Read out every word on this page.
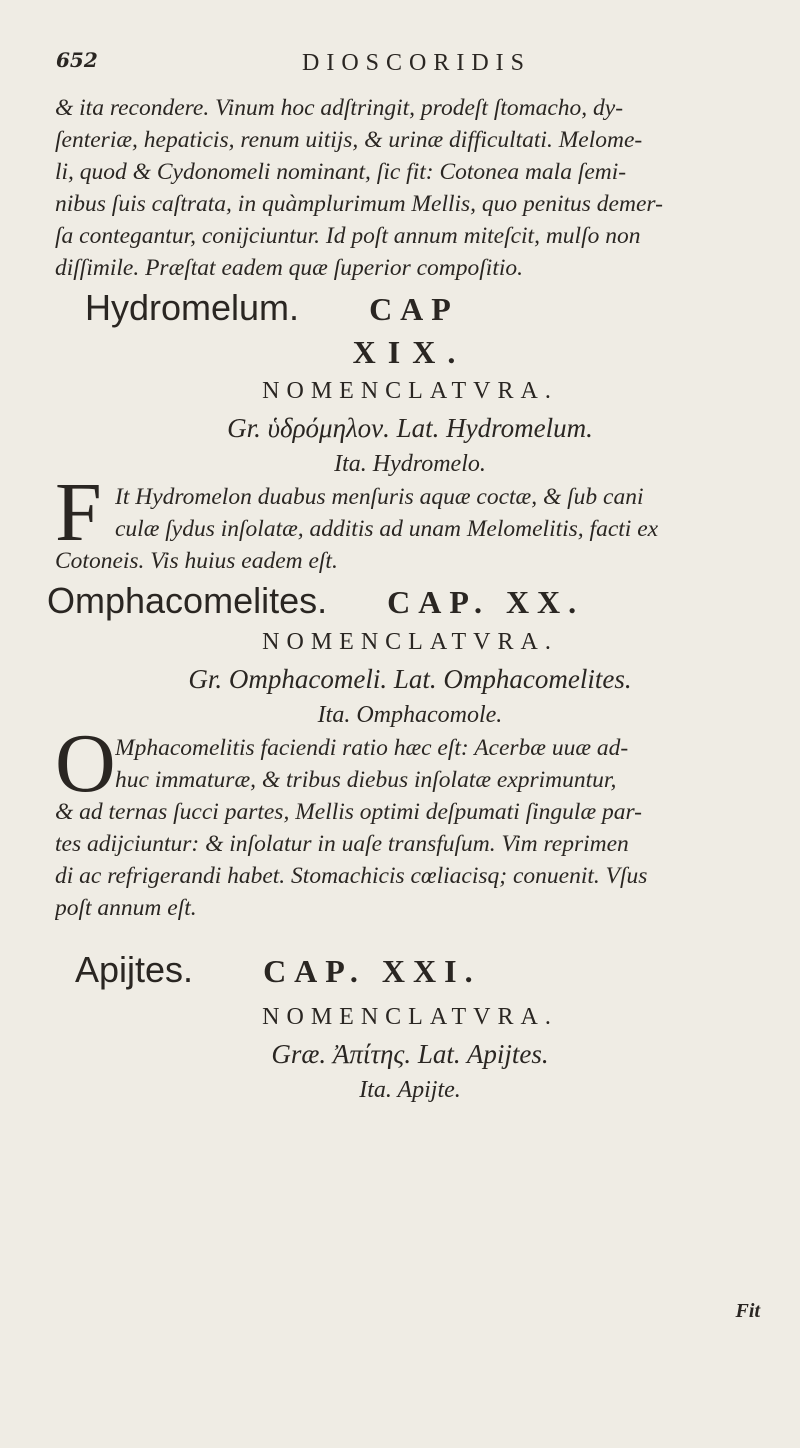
652	DIOSCORIDIS

& ita recondere. Vinum hoc adſtringit, prodeſt ſtomacho, dy-
ſenteriæ, hepaticis, renum uitijs, & urinæ difficultati. Melome-
li, quod & Cydonomeli nominant, ſic fit: Cotonea mala ſemi-
nibus ſuis caſtrata, in quàmplurimum Mellis, quo penitus demer-
ſa contegantur, conijciuntur. Id poſt annum miteſcit, mulſo non
diſſimile. Præſtat eadem quæ ſuperior compoſitio.

Hydromelum. CAP
XIX.
NOMENCLATVRA.
Gr. ὑδρόμηλον. Lat. Hydromelum.
Ita. Hydromelo.
F It Hydromelon duabus menſuris aquæ coctæ, & ſub cani
culæ ſydus inſolatæ, additis ad unam Melomelitis, facti ex
Cotoneis. Vis huius eadem eſt.
Omphacomelites. CAP. XX.
NOMENCLATVRA.
Gr. Omphacomeli. Lat. Omphacomelites.
Ita. Omphacomole.
O Mphacomelitis faciendi ratio hæc eſt: Acerbæ uuæ ad-
huc immaturæ, & tribus diebus inſolatæ exprimuntur,
& ad ternas ſucci partes, Mellis optimi deſpumati ſingulæ par-
tes adijciuntur: & inſolatur in uaſe transfuſum. Vim reprimen
di ac refrigerandi habet. Stomachicis cœliacisq; conuenit. Vſus
poſt annum eſt.
Apijtes. CAP. XXI.
NOMENCLATVRA.
Græ. Ἀπίτης. Lat. Apijtes.
Ita. Apijte.
Fit
